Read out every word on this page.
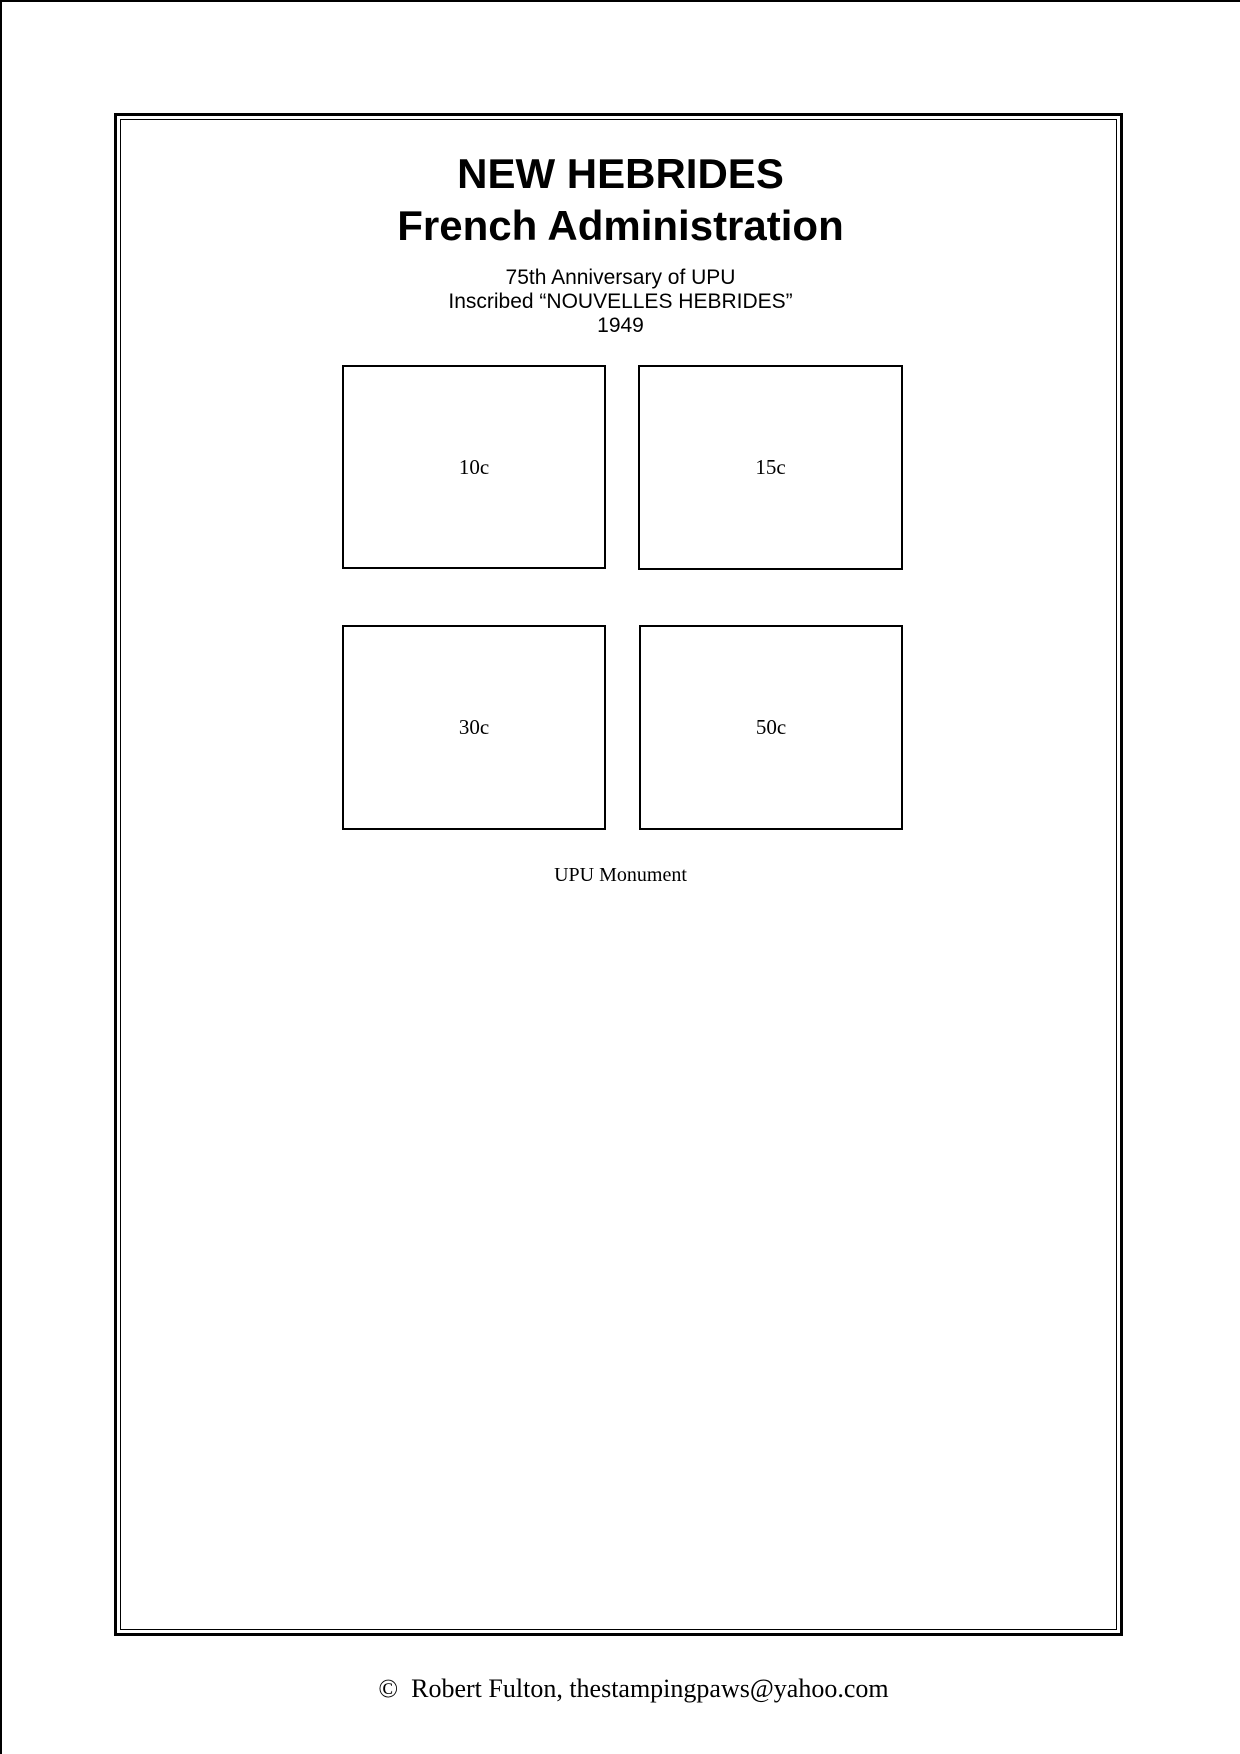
NEW HEBRIDES
French Administration
75th Anniversary of UPU
Inscribed “NOUVELLES HEBRIDES”
1949
10c	15c
30c	50c
UPU Monument

©  Robert Fulton, thestampingpaws@yahoo.com
